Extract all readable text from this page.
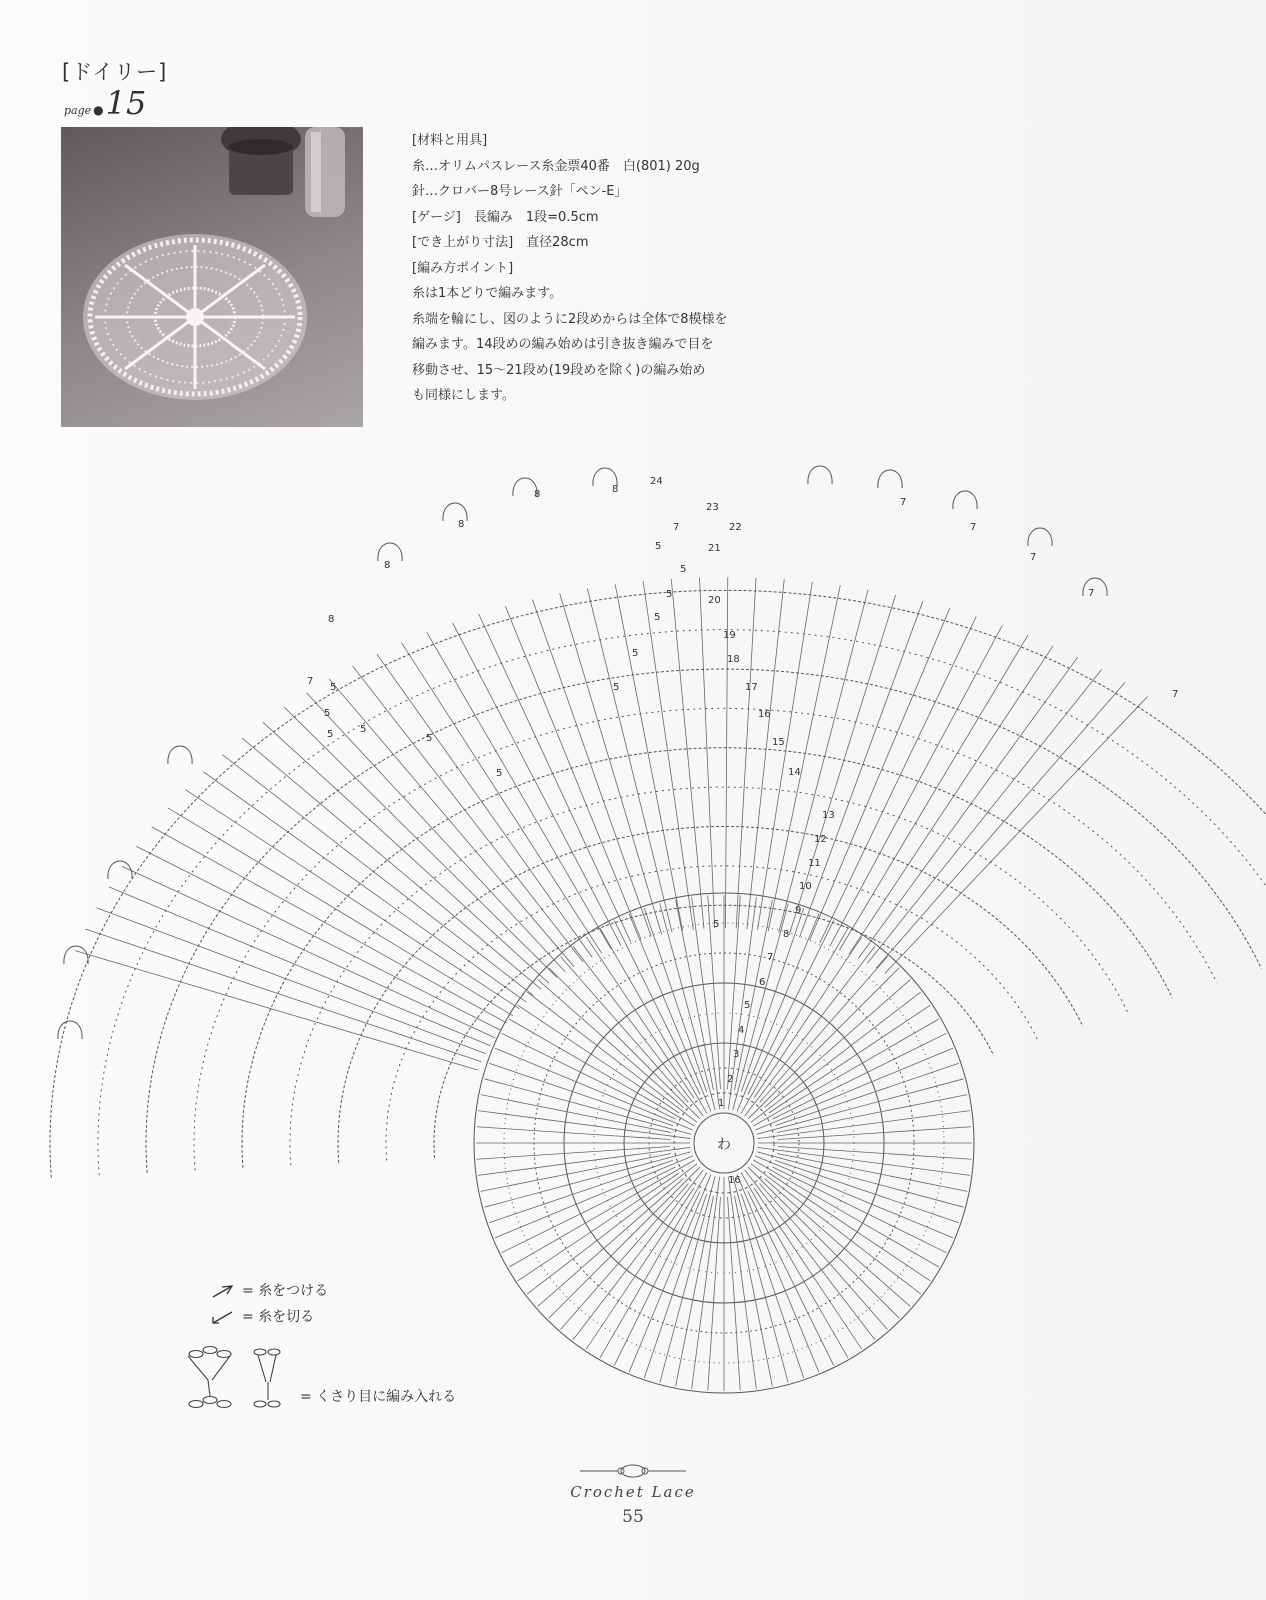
[ドイリー]
page ●15
[材料と用具]
糸…オリムパスレース糸金票40番　白(801) 20g
針…クロバー8号レース針「ペン-E」
[ゲージ]　長編み　1段=0.5cm
[でき上がり寸法]　直径28cm
[編み方ポイント]
糸は1本どりで編みます。
糸端を輪にし、図のように2段めからは全体で8模様を
編みます。14段めの編み始めは引き抜き編みで目を
移動させ、15～21段め(19段めを除く)の編み始め
も同様にします。
1
2
3
4
5
6
7
8
9
10
11
12
13
14
15
16
17
18
19
20
21
22
23
24
16
5
5
5
5
5
5
5
5
5
5
5
5
5
8
8	8
8
8
7
7
7
7
7
7
7
わ
= 糸をつける
= 糸を切る
= くさり目に編み入れる
Crochet Lace
55
